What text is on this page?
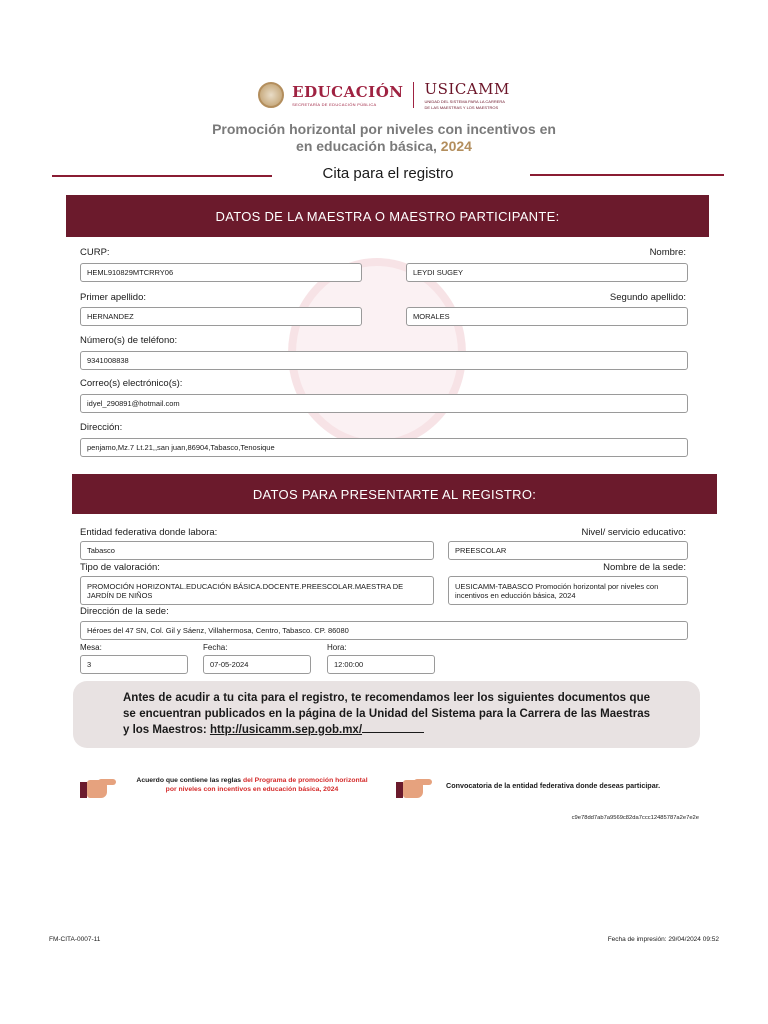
EDUCACIÓN
SECRETARÍA DE EDUCACIÓN PÚBLICA
USICAMM
UNIDAD DEL SISTEMA PARA LA CARRERA
DE LAS MAESTRAS Y LOS MAESTROS
Promoción horizontal por niveles con incentivos en
en educación básica, 2024
Cita para el registro
DATOS DE LA MAESTRA O MAESTRO PARTICIPANTE:
CURP:	Nombre:
HEML910829MTCRRY06	LEYDI SUGEY
Primer apellido:	Segundo apellido:
HERNANDEZ	MORALES
Número(s) de teléfono:
9341008838
Correo(s) electrónico(s):
idyel_290891@hotmail.com
Dirección:
penjamo,Mz.7 Lt.21,,san juan,86904,Tabasco,Tenosique
DATOS PARA PRESENTARTE AL REGISTRO:
Entidad federativa donde labora:	Nivel/ servicio educativo:
Tabasco	PREESCOLAR
Tipo de valoración:	Nombre de la sede:
PROMOCIÓN HORIZONTAL.EDUCACIÓN BÁSICA.DOCENTE.PREESCOLAR.MAESTRA DE JARDÍN DE NIÑOS
UESICAMM-TABASCO Promoción horizontal por niveles con incentivos en educción básica, 2024
Dirección de la sede:
Héroes del 47 SN, Col. Gil y Sáenz, Villahermosa, Centro, Tabasco. CP. 86080
Mesa:	Fecha:	Hora:
3	07-05-2024	12:00:00
Antes de acudir a tu cita para el registro, te recomendamos leer los siguientes documentos que se encuentran publicados en la página de la Unidad del Sistema para la Carrera de las Maestras y los Maestros: http://usicamm.sep.gob.mx/
Acuerdo que contiene las reglas del Programa de promoción horizontal por niveles con incentivos en educación básica, 2024	Convocatoria de la entidad federativa donde deseas participar.
c9e78dd7ab7a9569c82da7ccc12485787a2e7e2e
FM-CITA-0007-11	Fecha de impresión: 29/04/2024 09:52
